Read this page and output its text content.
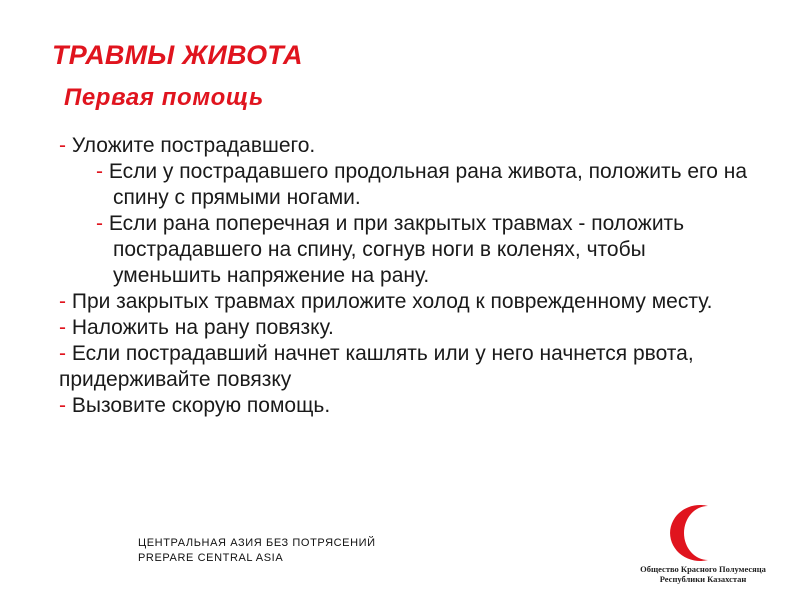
ТРАВМЫ ЖИВОТА
Первая помощь
- Уложите пострадавшего.
- Если у пострадавшего продольная рана живота, положить его на спину с прямыми ногами.
- Если рана поперечная и при закрытых травмах - положить пострадавшего на спину, согнув ноги в коленях, чтобы уменьшить напряжение на рану.
- При закрытых травмах приложите холод к поврежденному месту.
- Наложить на рану повязку.
- Если пострадавший начнет кашлять или у него начнется рвота, придерживайте повязку
- Вызовите скорую помощь.
ЦЕНТРАЛЬНАЯ АЗИЯ БЕЗ ПОТРЯСЕНИЙ
PREPARE CENTRAL ASIA
Общество Красного Полумесяца
Республики Казахстан
